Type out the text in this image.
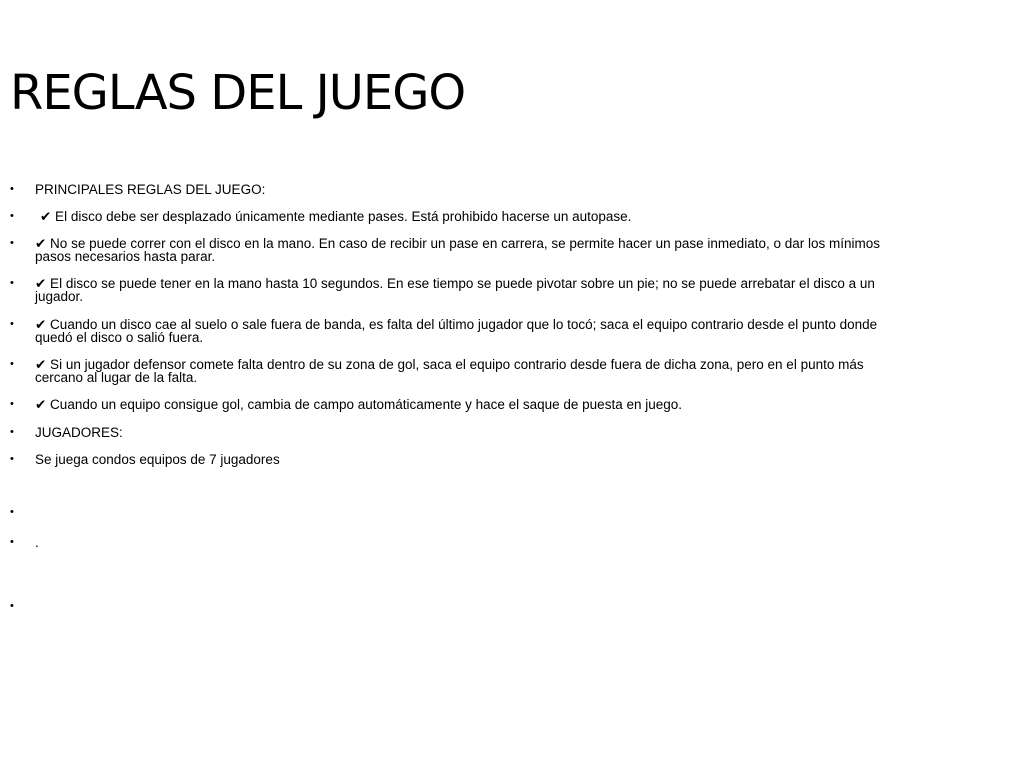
REGLAS DEL JUEGO
•	PRINCIPALES REGLAS DEL JUEGO:
•	✔ El disco debe ser desplazado únicamente mediante pases. Está prohibido hacerse un autopase.
•	✔ No se puede correr con el disco en la mano. En caso de recibir un pase en carrera, se permite hacer un pase inmediato, o dar los mínimos pasos necesarios hasta parar.
•	✔ El disco se puede tener en la mano hasta 10 segundos. En ese tiempo se puede pivotar sobre un pie; no se puede arrebatar el disco a un jugador.
•	✔ Cuando un disco cae al suelo o sale fuera de banda, es falta del último jugador que lo tocó; saca el equipo contrario desde el punto donde quedó el disco o salió fuera.
•	✔ Si un jugador defensor comete falta dentro de su zona de gol, saca el equipo contrario desde fuera de dicha zona, pero en el punto más cercano al lugar de la falta.
•	✔ Cuando un equipo consigue gol, cambia de campo automáticamente y hace el saque de puesta en juego.
•	JUGADORES:
•	Se juega condos equipos de 7 jugadores
•
•	.
•
